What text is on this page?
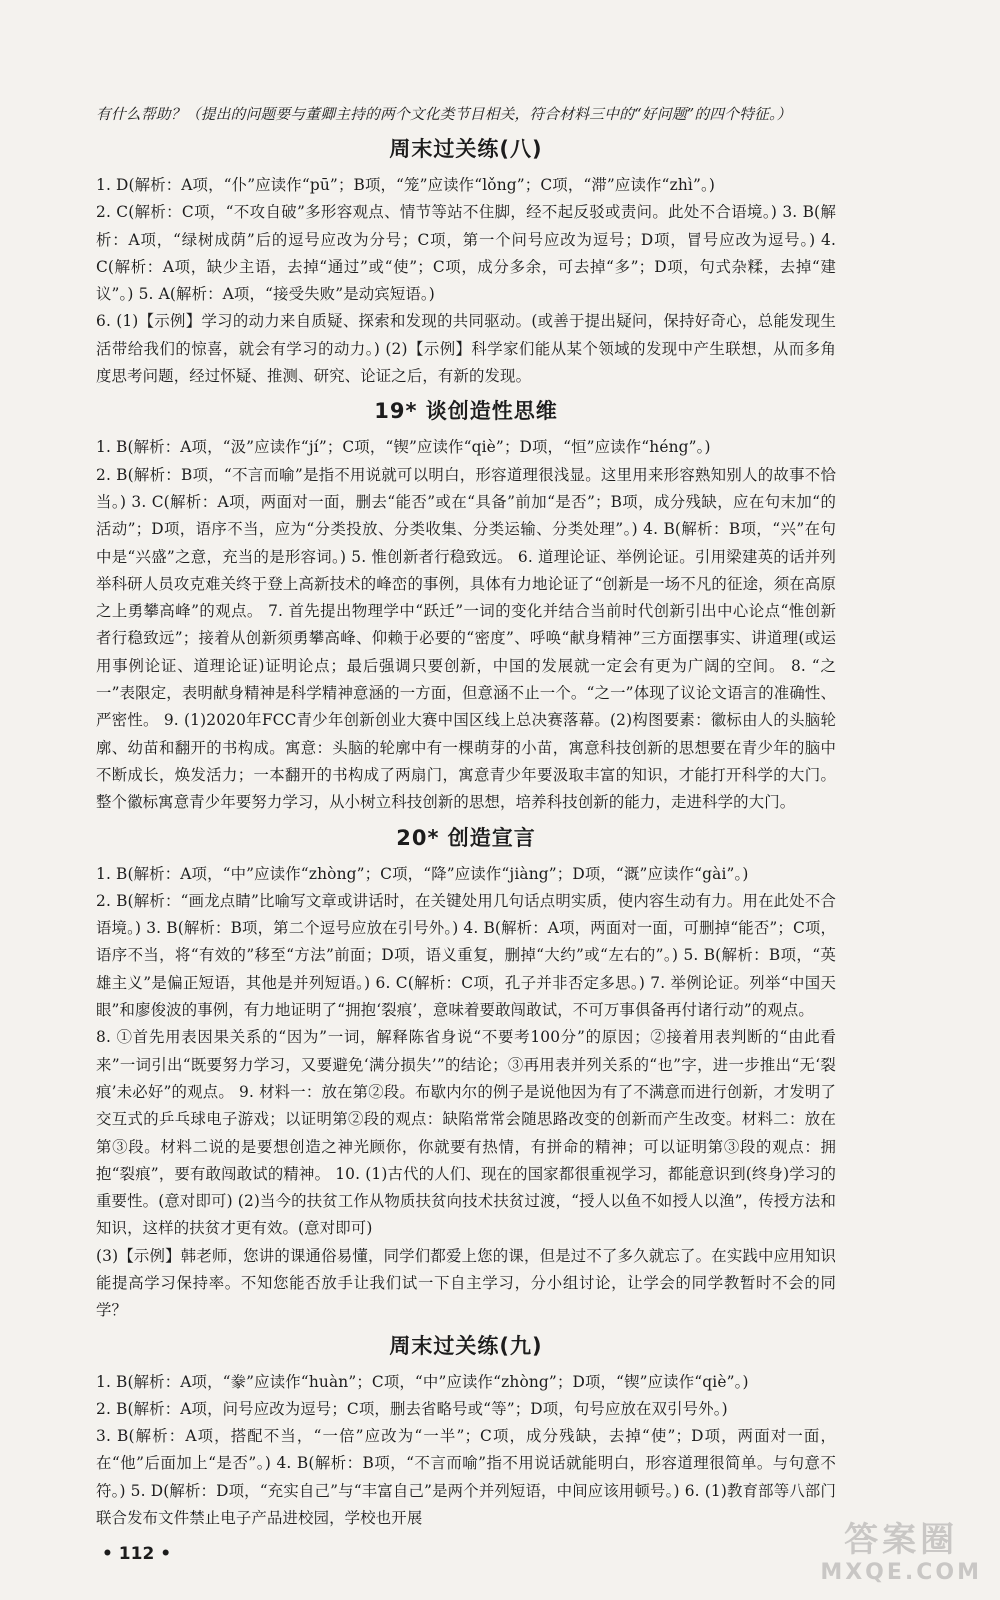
有什么帮助？（提出的问题要与董卿主持的两个文化类节目相关，符合材料三中的“好问题”的四个特征。）

周末过关练(八)

1. D(解析：A项，“仆”应读作“pū”；B项，“笼”应读作“lǒng”；C项，“滞”应读作“zhì”。)

2. C(解析：C项，“不攻自破”多形容观点、情节等站不住脚，经不起反驳或责问。此处不合语境。) 3. B(解析：A项，“绿树成荫”后的逗号应改为分号；C项，第一个问号应改为逗号；D项，冒号应改为逗号。) 4. C(解析：A项，缺少主语，去掉“通过”或“使”；C项，成分多余，可去掉“多”；D项，句式杂糅，去掉“建议”。) 5. A(解析：A项，“接受失败”是动宾短语。)

6. (1)【示例】学习的动力来自质疑、探索和发现的共同驱动。(或善于提出疑问，保持好奇心，总能发现生活带给我们的惊喜，就会有学习的动力。) (2)【示例】科学家们能从某个领域的发现中产生联想，从而多角度思考问题，经过怀疑、推测、研究、论证之后，有新的发现。

19* 谈创造性思维

1. B(解析：A项，“汲”应读作“jí”；C项，“锲”应读作“qiè”；D项，“恒”应读作“héng”。)

2. B(解析：B项，“不言而喻”是指不用说就可以明白，形容道理很浅显。这里用来形容熟知别人的故事不恰当。) 3. C(解析：A项，两面对一面，删去“能否”或在“具备”前加“是否”；B项，成分残缺，应在句末加“的活动”；D项，语序不当，应为“分类投放、分类收集、分类运输、分类处理”。) 4. B(解析：B项，“兴”在句中是“兴盛”之意，充当的是形容词。) 5. 惟创新者行稳致远。 6. 道理论证、举例论证。引用梁建英的话并列举科研人员攻克难关终于登上高新技术的峰峦的事例，具体有力地论证了“创新是一场不凡的征途，须在高原之上勇攀高峰”的观点。 7. 首先提出物理学中“跃迁”一词的变化并结合当前时代创新引出中心论点“惟创新者行稳致远”；接着从创新须勇攀高峰、仰赖于必要的“密度”、呼唤“献身精神”三方面摆事实、讲道理(或运用事例论证、道理论证)证明论点；最后强调只要创新，中国的发展就一定会有更为广阔的空间。 8. “之一”表限定，表明献身精神是科学精神意涵的一方面，但意涵不止一个。“之一”体现了议论文语言的准确性、严密性。 9. (1)2020年FCC青少年创新创业大赛中国区线上总决赛落幕。(2)构图要素：徽标由人的头脑轮廓、幼苗和翻开的书构成。寓意：头脑的轮廓中有一棵萌芽的小苗，寓意科技创新的思想要在青少年的脑中不断成长，焕发活力；一本翻开的书构成了两扇门，寓意青少年要汲取丰富的知识，才能打开科学的大门。整个徽标寓意青少年要努力学习，从小树立科技创新的思想，培养科技创新的能力，走进科学的大门。

20* 创造宣言

1. B(解析：A项，“中”应读作“zhòng”；C项，“降”应读作“jiàng”；D项，“溉”应读作“gài”。)

2. B(解析：“画龙点睛”比喻写文章或讲话时，在关键处用几句话点明实质，使内容生动有力。用在此处不合语境。) 3. B(解析：B项，第二个逗号应放在引号外。) 4. B(解析：A项，两面对一面，可删掉“能否”；C项，语序不当，将“有效的”移至“方法”前面；D项，语义重复，删掉“大约”或“左右的”。) 5. B(解析：B项，“英雄主义”是偏正短语，其他是并列短语。) 6. C(解析：C项，孔子并非否定多思。) 7. 举例论证。列举“中国天眼”和廖俊波的事例，有力地证明了“拥抱‘裂痕’，意味着要敢闯敢试，不可万事俱备再付诸行动”的观点。

8. ①首先用表因果关系的“因为”一词，解释陈省身说“不要考100分”的原因；②接着用表判断的“由此看来”一词引出“既要努力学习，又要避免‘满分损失’”的结论；③再用表并列关系的“也”字，进一步推出“无‘裂痕’未必好”的观点。 9. 材料一：放在第②段。布歇内尔的例子是说他因为有了不满意而进行创新，才发明了交互式的乒乓球电子游戏；以证明第②段的观点：缺陷常常会随思路改变的创新而产生改变。材料二：放在第③段。材料二说的是要想创造之神光顾你，你就要有热情，有拼命的精神；可以证明第③段的观点：拥抱“裂痕”，要有敢闯敢试的精神。 10. (1)古代的人们、现在的国家都很重视学习，都能意识到(终身)学习的重要性。(意对即可) (2)当今的扶贫工作从物质扶贫向技术扶贫过渡，“授人以鱼不如授人以渔”，传授方法和知识，这样的扶贫才更有效。(意对即可)

(3)【示例】韩老师，您讲的课通俗易懂，同学们都爱上您的课，但是过不了多久就忘了。在实践中应用知识能提高学习保持率。不知您能否放手让我们试一下自主学习，分小组讨论，让学会的同学教暂时不会的同学？

周末过关练(九)

1. B(解析：A项，“豢”应读作“huàn”；C项，“中”应读作“zhòng”；D项，“锲”应读作“qiè”。)

2. B(解析：A项，问号应改为逗号；C项，删去省略号或“等”；D项，句号应放在双引号外。)

3. B(解析：A项，搭配不当，“一倍”应改为“一半”；C项，成分残缺，去掉“使”；D项，两面对一面，在“他”后面加上“是否”。) 4. B(解析：B项，“不言而喻”指不用说话就能明白，形容道理很简单。与句意不符。) 5. D(解析：D项，“充实自己”与“丰富自己”是两个并列短语，中间应该用顿号。) 6. (1)教育部等八部门联合发布文件禁止电子产品进校园，学校也开展

• 112 •	答案圈
MXQE.COM
